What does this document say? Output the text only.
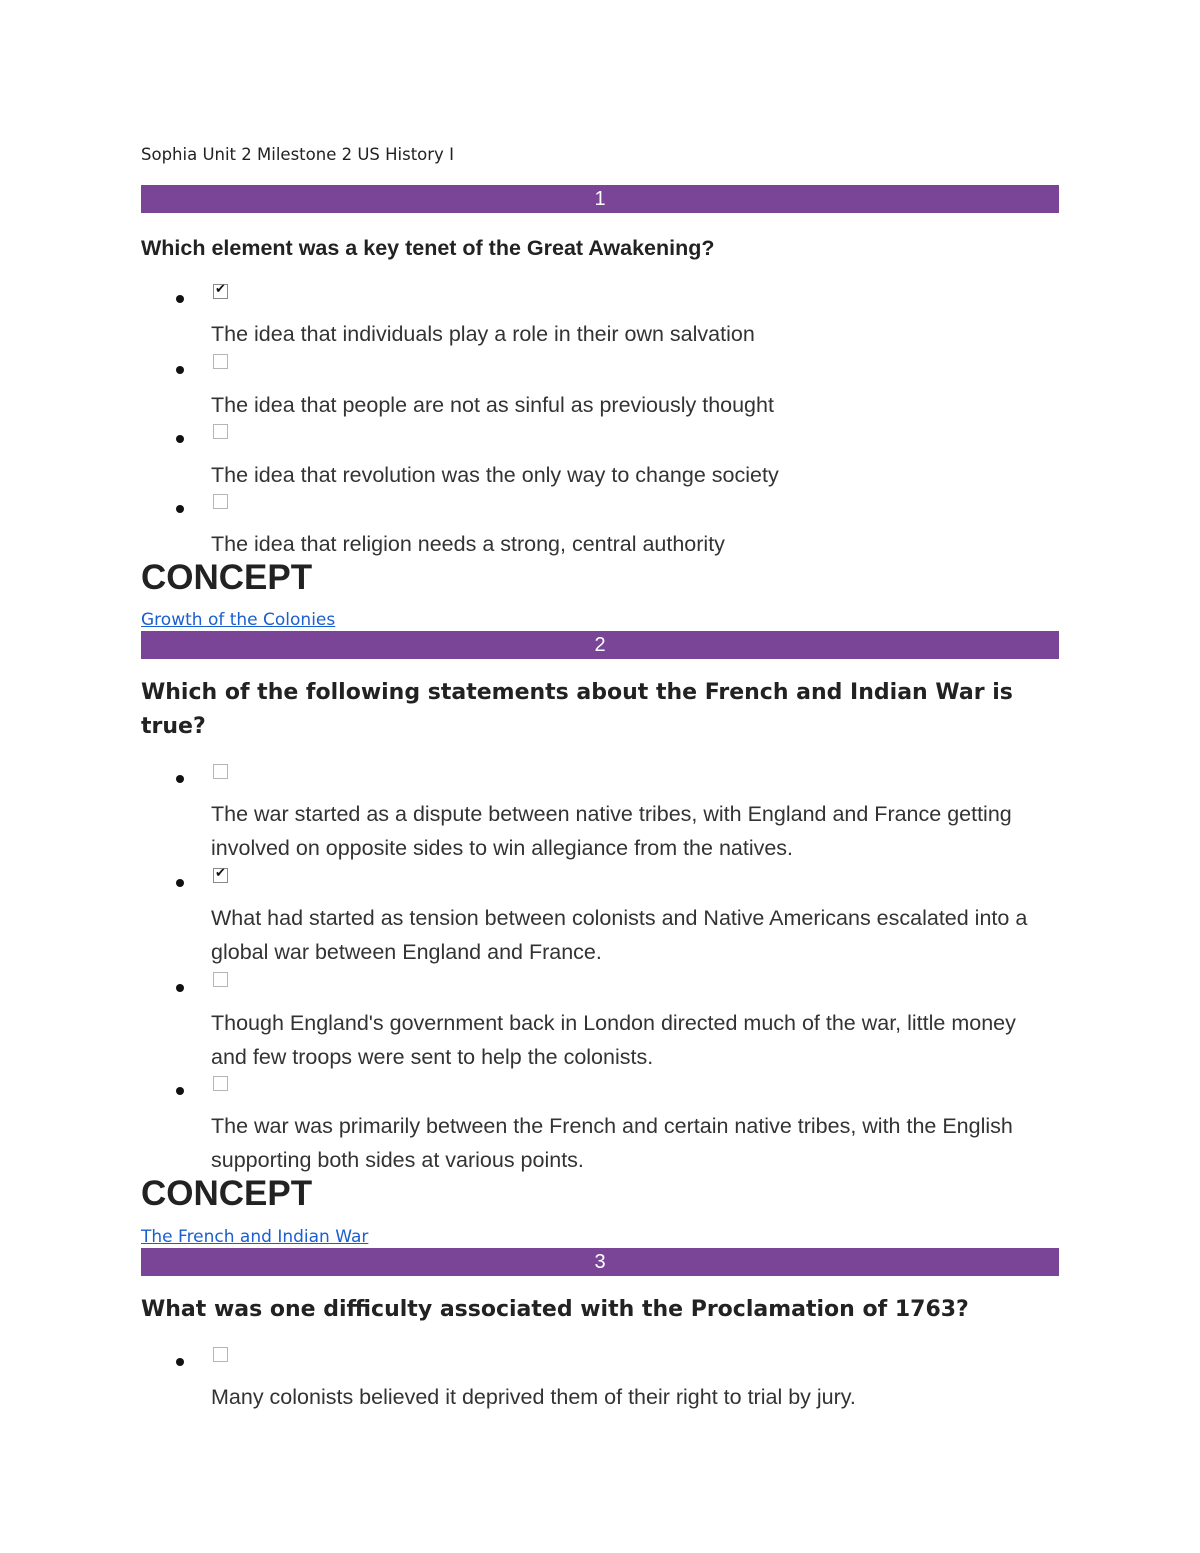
Sophia Unit 2 Milestone 2 US History I
1

Which element was a key tenet of the Great Awakening?

✔
The idea that individuals play a role in their own salvation
The idea that people are not as sinful as previously thought
The idea that revolution was the only way to change society
The idea that religion needs a strong, central authority
CONCEPT
Growth of the Colonies
2

Which of the following statements about the French and Indian War is true?

The war started as a dispute between native tribes, with England and France getting involved on opposite sides to win allegiance from the natives.
✔
What had started as tension between colonists and Native Americans escalated into a global war between England and France.
Though England's government back in London directed much of the war, little money and few troops were sent to help the colonists.
The war was primarily between the French and certain native tribes, with the English supporting both sides at various points.
CONCEPT
The French and Indian War
3

What was one difficulty associated with the Proclamation of 1763?

Many colonists believed it deprived them of their right to trial by jury.
